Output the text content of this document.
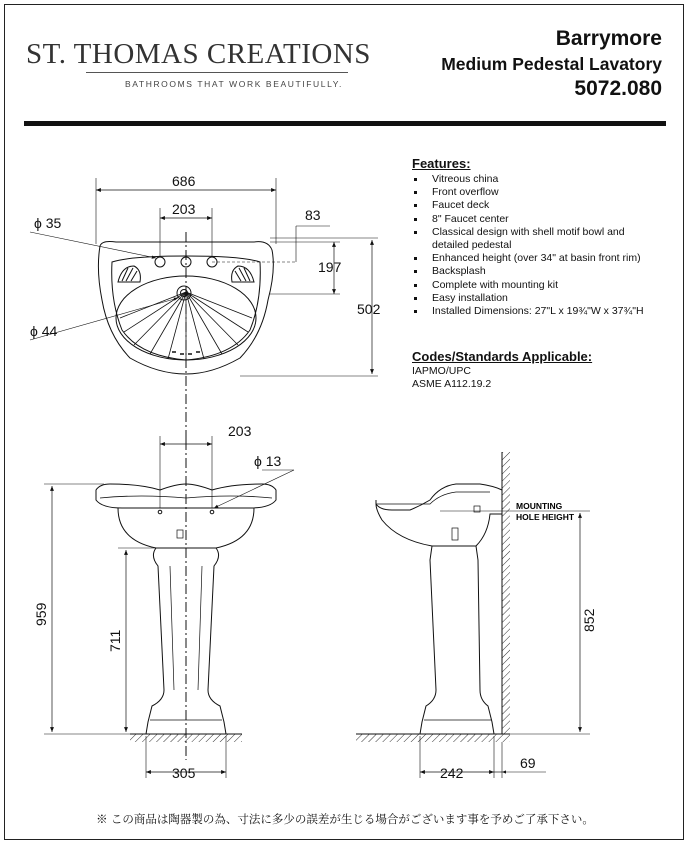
ST. THOMAS CREATIONS
BATHROOMS THAT WORK BEAUTIFULLY.
Barrymore
Medium Pedestal Lavatory
5072.080
Features:
Vitreous china
Front overflow
Faucet deck
8" Faucet center
Classical design with shell motif bowl and
detailed pedestal
Enhanced height (over 34" at basin front rim)
Backsplash
Complete with mounting kit
Easy installation
Installed Dimensions: 27"L x 19¾"W x 37¾"H
Codes/Standards Applicable:
IAPMO/UPC
ASME A112.19.2
686
203	83
ϕ 35
197
502
ϕ 44
203
ϕ 13
959
711
305
MOUNTING HOLE HEIGHT
852
242
69
※ この商品は陶器製の為、寸法に多少の誤差が生じる場合がございます事を予めご了承下さい。
